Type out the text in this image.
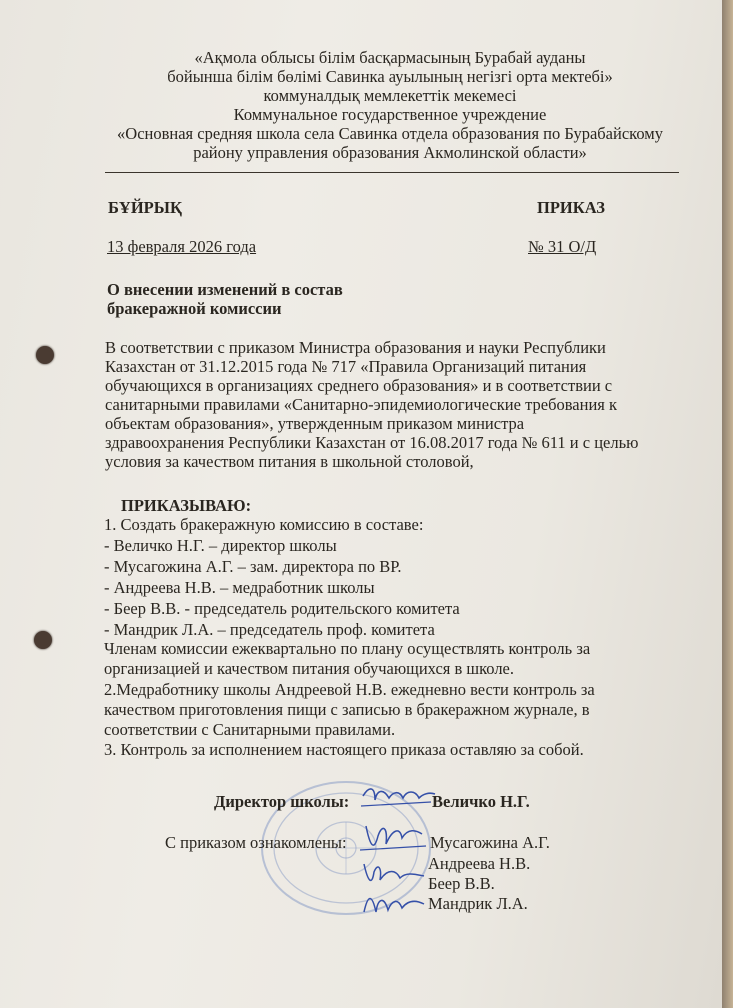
«Ақмола облысы білім басқармасының Бурабай ауданы
бойынша білім бөлімі Савинка ауылының негізгі орта мектебі»
коммуналдық мемлекеттік мекемесі
Коммунальное государственное учреждение
«Основная средняя школа села Савинка отдела образования по Бурабайскому
району управления образования Акмолинской области»
БҰЙРЫҚ	ПРИКАЗ
13 февраля 2026 года	№ 31 О/Д
О внесении изменений в состав
бракеражной комиссии
В соответствии с приказом Министра образования и науки Республики
Казахстан от 31.12.2015 года № 717 «Правила Организаций питания
обучающихся в организациях среднего образования» и в соответствии с
санитарными правилами «Санитарно-эпидемиологические требования к
объектам образования», утвержденным приказом министра
здравоохранения Республики Казахстан от 16.08.2017 года № 611 и с целью
условия за качеством питания в школьной столовой,
ПРИКАЗЫВАЮ:
1. Создать бракеражную комиссию в составе:
- Величко Н.Г. – директор школы
- Мусагожина А.Г. – зам. директора по ВР.
- Андреева Н.В. – медработник школы
- Беер В.В. - председатель родительского комитета
- Мандрик Л.А. – председатель проф. комитета
Членам комиссии ежеквартально по плану осуществлять контроль за
организацией и качеством питания обучающихся в школе.
2.Медработнику школы Андреевой Н.В. ежедневно вести контроль за
качеством приготовления пищи с записью в бракеражном журнале, в
соответствии с Санитарными правилами.
3. Контроль за исполнением настоящего приказа оставляю за собой.
Директор школы:	Величко Н.Г.
С приказом ознакомлены:	Мусагожина А.Г.
Андреева Н.В.
Беер В.В.
Мандрик Л.А.
